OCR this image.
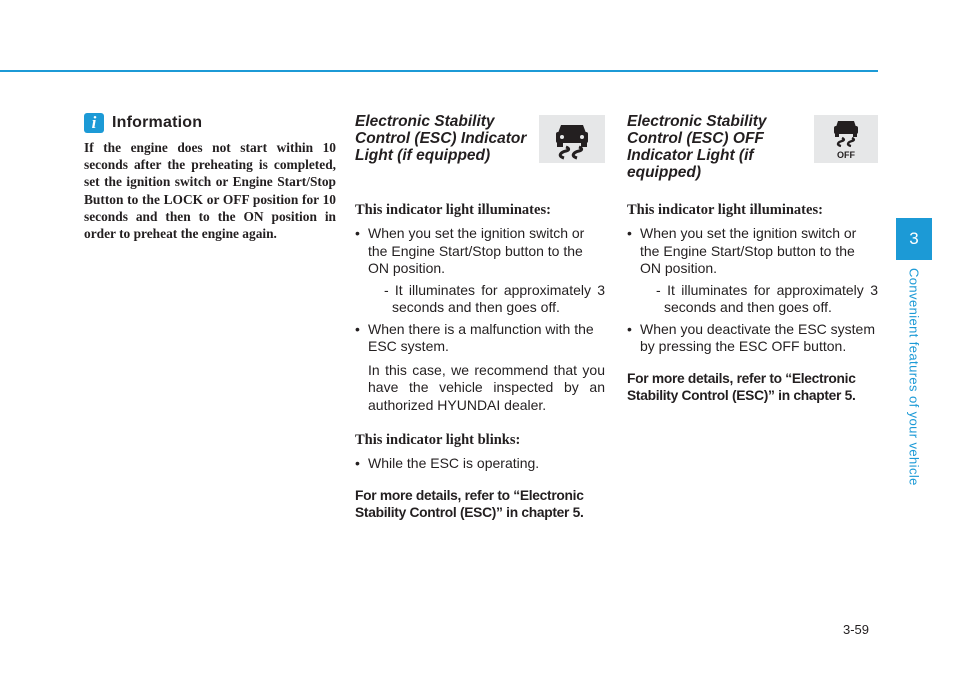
i Information

If the engine does not start within 10 seconds after the preheating is completed, set the ignition switch or Engine Start/Stop Button to the LOCK or OFF position for 10 seconds and then to the ON position in order to preheat the engine again.

Electronic Stability Control (ESC) Indicator Light (if equipped)
This indicator light illuminates:
• When you set the ignition switch or the Engine Start/Stop button to the ON position.
- It illuminates for approximately 3 seconds and then goes off.
• When there is a malfunction with the ESC system.
In this case, we recommend that you have the vehicle inspected by an authorized HYUNDAI dealer.
This indicator light blinks:
• While the ESC is operating.
For more details, refer to “Electronic Stability Control (ESC)” in chapter 5.
Electronic Stability Control (ESC) OFF Indicator Light (if equipped)
OFF
This indicator light illuminates:
• When you set the ignition switch or the Engine Start/Stop button to the ON position.
- It illuminates for approximately 3 seconds and then goes off.
• When you deactivate the ESC system by pressing the ESC OFF button.
For more details, refer to “Electronic Stability Control (ESC)” in chapter 5.
3
Convenient features of your vehicle
3-59
